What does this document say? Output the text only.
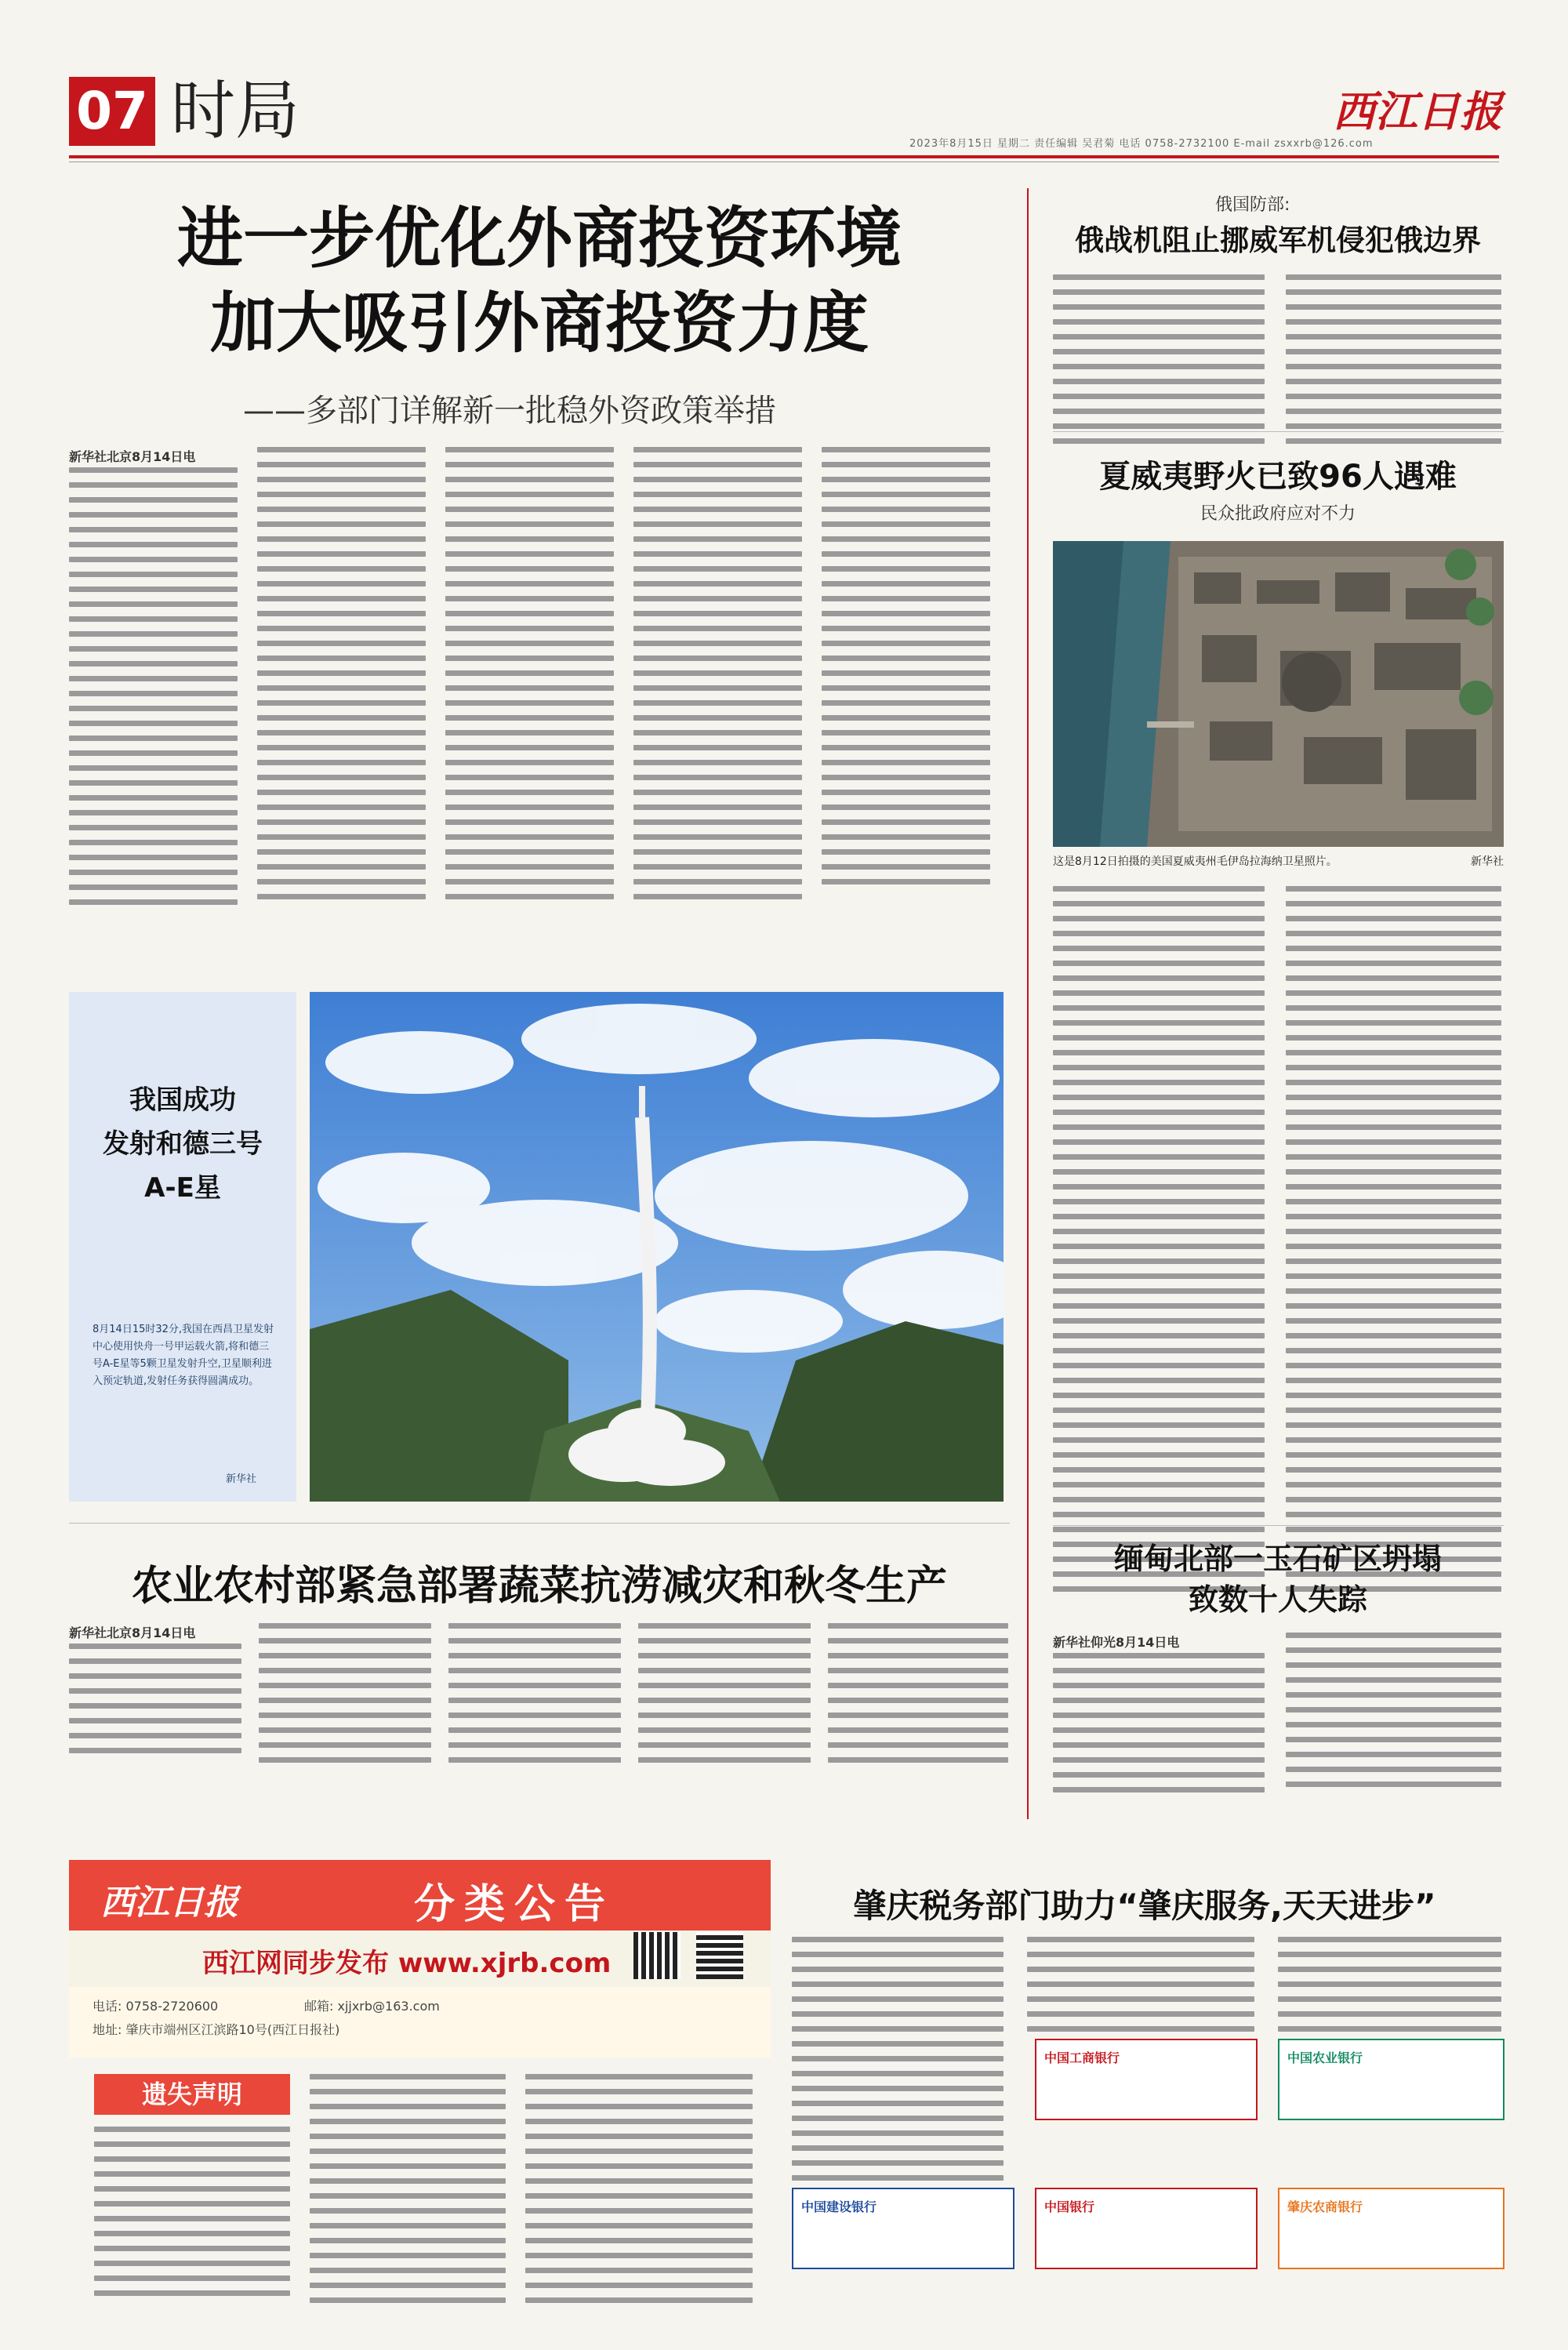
07 时局	西江日报
2023年8月15日 星期二 责任编辑 吴君菊 电话 0758-2732100 E-mail zsxxrb@126.com
进一步优化外商投资环境
加大吸引外商投资力度
——多部门详解新一批稳外资政策举措
新华社北京8月14日电
俄国防部:
俄战机阻止挪威军机侵犯俄边界
夏威夷野火已致96人遇难
民众批政府应对不力
这是8月12日拍摄的美国夏威夷州毛伊岛拉海纳卫星照片。	新华社
我国成功
发射和德三号
A-E星
8月14日15时32分,我国在西昌卫星发射中心使用快舟一号甲运载火箭,将和德三号A-E星等5颗卫星发射升空,卫星顺利进入预定轨道,发射任务获得圆满成功。
新华社
农业农村部紧急部署蔬菜抗涝减灾和秋冬生产
新华社北京8月14日电
缅甸北部一玉石矿区坍塌
致数十人失踪
新华社仰光8月14日电
西江日报	分类公告
西江网同步发布 www.xjrb.com
电话: 0758-2720600	邮箱: xjjxrb@163.com
地址: 肇庆市端州区江滨路10号(西江日报社)
遗失声明
肇庆税务部门助力“肇庆服务,天天进步”
中国工商银行	中国农业银行
中国建设银行	中国银行	肇庆农商银行
